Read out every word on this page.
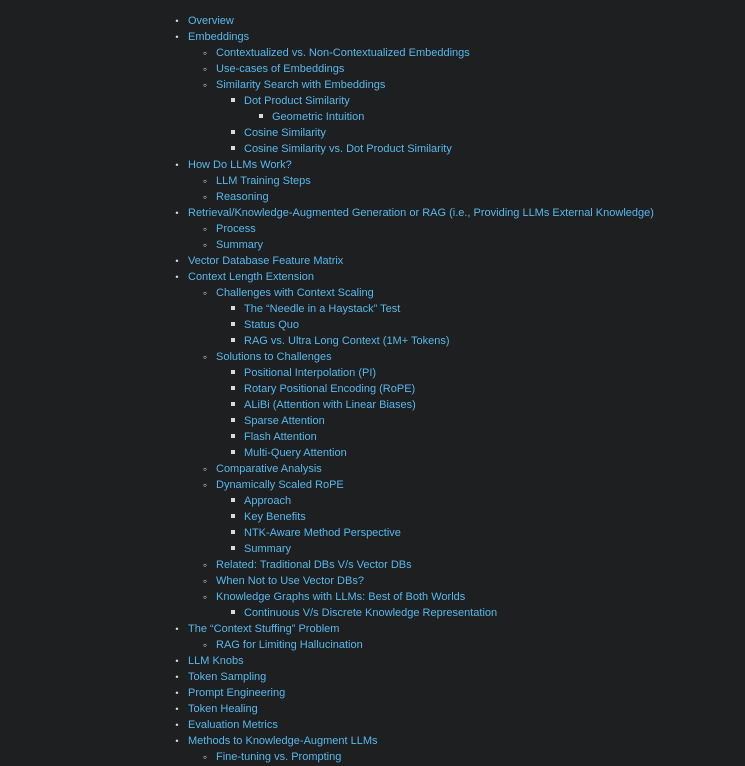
•
Overview
•
Embeddings
◦
Contextualized vs. Non-Contextualized Embeddings
◦
Use-cases of Embeddings
◦
Similarity Search with Embeddings
Dot Product Similarity
Geometric Intuition
Cosine Similarity
Cosine Similarity vs. Dot Product Similarity
•
How Do LLMs Work?
◦
LLM Training Steps
◦
Reasoning
•
Retrieval/Knowledge-Augmented Generation or RAG (i.e., Providing LLMs External Knowledge)
◦
Process
◦
Summary
•
Vector Database Feature Matrix
•
Context Length Extension
◦
Challenges with Context Scaling
The “Needle in a Haystack” Test
Status Quo
RAG vs. Ultra Long Context (1M+ Tokens)
◦
Solutions to Challenges
Positional Interpolation (PI)
Rotary Positional Encoding (RoPE)
ALiBi (Attention with Linear Biases)
Sparse Attention
Flash Attention
Multi-Query Attention
◦
Comparative Analysis
◦
Dynamically Scaled RoPE
Approach
Key Benefits
NTK-Aware Method Perspective
Summary
◦
Related: Traditional DBs V/s Vector DBs
◦
When Not to Use Vector DBs?
◦
Knowledge Graphs with LLMs: Best of Both Worlds
Continuous V/s Discrete Knowledge Representation
•
The “Context Stuffing” Problem
◦
RAG for Limiting Hallucination
•
LLM Knobs
•
Token Sampling
•
Prompt Engineering
•
Token Healing
•
Evaluation Metrics
•
Methods to Knowledge-Augment LLMs
◦
Fine-tuning vs. Prompting
